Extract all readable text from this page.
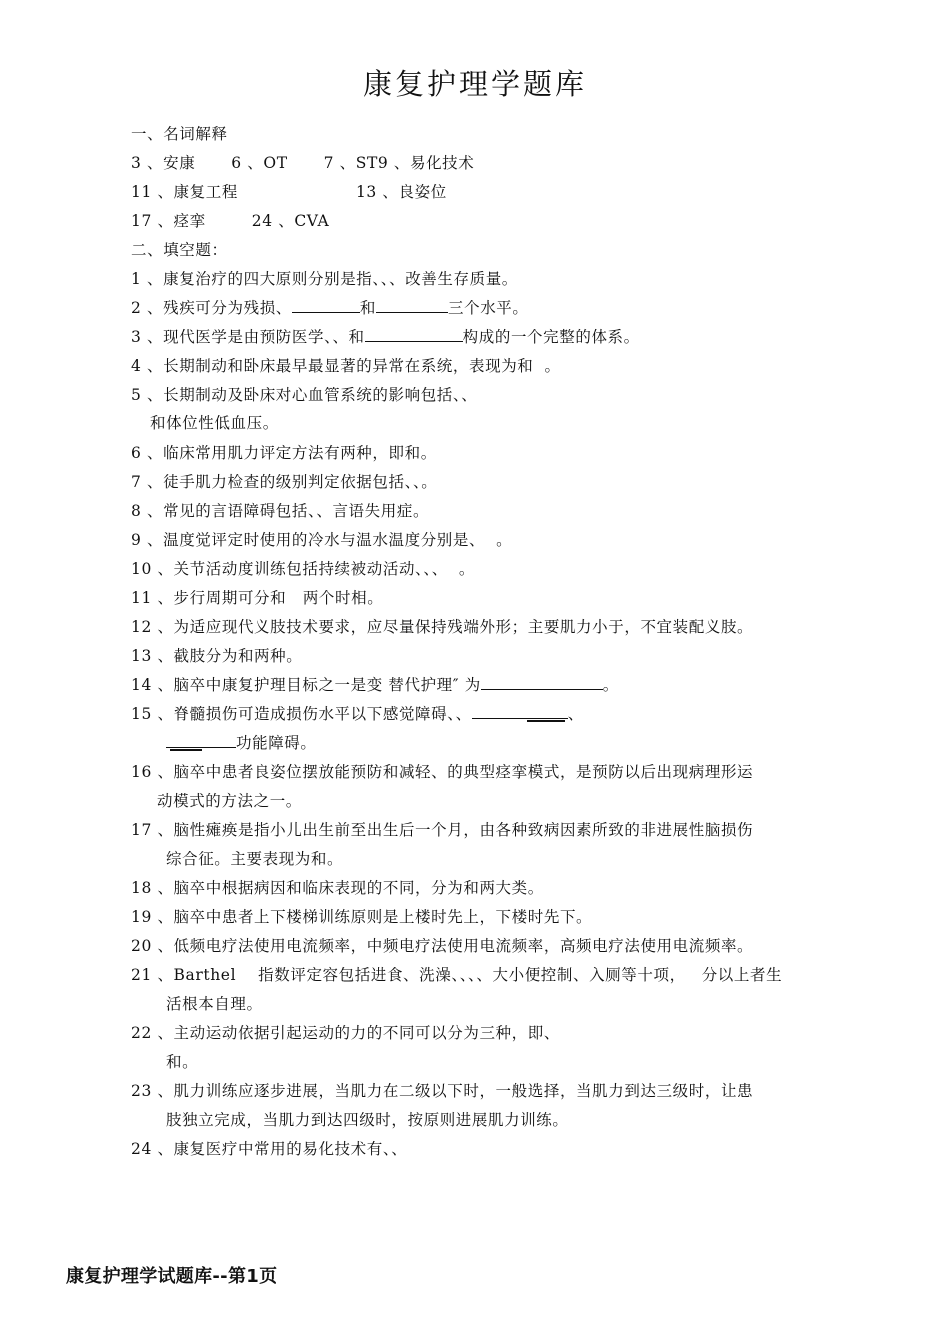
康复护理学题库
一、名词解释
3 、安康 6 、OT 7 、ST9 、易化技术
11 、康复工程	13 、良姿位
17 、痉挛	24 、CVA
二、填空题：
1 、康复治疗的四大原则分别是指、、、改善生存质量。
2 、残疾可分为残损、	和	三个水平。
3 、现代医学是由预防医学、、和	构成的一个完整的体系。
4 、长期制动和卧床最早最显著的异常在系统，表现为和  。
5 、长期制动及卧床对心血管系统的影响包括、、
和体位性低血压。
6 、临床常用肌力评定方法有两种，即和。
7 、徒手肌力检查的级别判定依据包括、、。
8 、常见的言语障碍包括、、言语失用症。
9 、温度觉评定时使用的冷水与温水温度分别是、  。
10 、关节活动度训练包括持续被动活动、、、  。
11 、步行周期可分和   两个时相。
12 、为适应现代义肢技术要求，应尽量保持残端外形；主要肌力小于，不宜装配义肢。
13 、截肢分为和两种。
14 、脑卒中康复护理目标之一是变 替代护理″ 为	。
15 、脊髓损伤可造成损伤水平以下感觉障碍、、	、
功能障碍。
16 、脑卒中患者良姿位摆放能预防和减轻、的典型痉挛模式，是预防以后出现病理形运
动模式的方法之一。
17 、脑性瘫痪是指小儿出生前至出生后一个月，由各种致病因素所致的非进展性脑损伤
综合征。主要表现为和。
18 、脑卒中根据病因和临床表现的不同，分为和两大类。
19 、脑卒中患者上下楼梯训练原则是上楼时先上，下楼时先下。
20 、低频电疗法使用电流频率，中频电疗法使用电流频率，高频电疗法使用电流频率。
21 、Barthel 指数评定容包括进食、洗澡、、、、大小便控制、入厕等十项， 分以上者生
活根本自理。
22 、主动运动依据引起运动的力的不同可以分为三种，即、
和。
23 、肌力训练应逐步进展，当肌力在二级以下时，一般选择，当肌力到达三级时，让患
肢独立完成，当肌力到达四级时，按原则进展肌力训练。
24 、康复医疗中常用的易化技术有、、
康复护理学试题库--第1页
